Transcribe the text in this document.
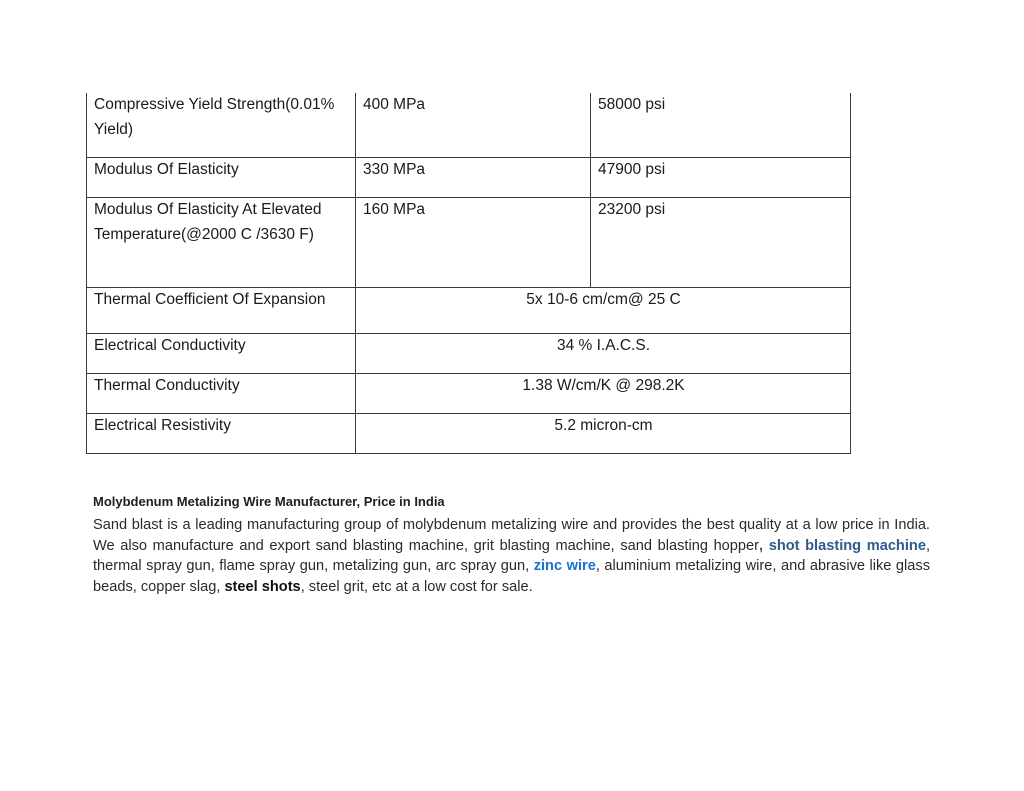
Compressive Yield Strength(0.01% Yield)	400 MPa	58000 psi

Modulus Of Elasticity	330 MPa	47900 psi

Modulus Of Elasticity At Elevated Temperature(@2000 C /3630 F)	160 MPa	23200 psi

Thermal Coefficient Of Expansion	5x 10-6 cm/cm@ 25 C	

Electrical Conductivity	34 % I.A.C.S.	

Thermal Conductivity	1.38 W/cm/K @ 298.2K	

Electrical Resistivity	5.2 micron-cm	
Molybdenum Metalizing Wire Manufacturer, Price in India

Sand blast is a leading manufacturing group of molybdenum metalizing wire and provides the best quality at a low price in India. We also manufacture and export sand blasting machine, grit blasting machine, sand blasting hopper, shot blasting machine, thermal spray gun, flame spray gun, metalizing gun, arc spray gun, zinc wire, aluminium metalizing wire, and abrasive like glass beads, copper slag, steel shots, steel grit, etc at a low cost for sale.
